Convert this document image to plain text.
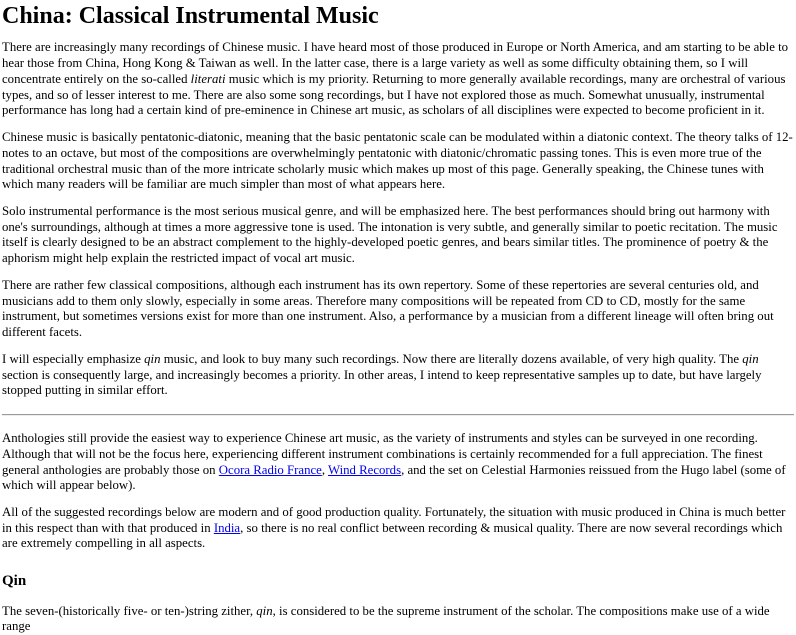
China: Classical Instrumental Music

There are increasingly many recordings of Chinese music. I have heard most of those produced in Europe or North America, and am starting to be able to hear those from China, Hong Kong & Taiwan as well. In the latter case, there is a large variety as well as some difficulty obtaining them, so I will concentrate entirely on the so-called literati music which is my priority. Returning to more generally available recordings, many are orchestral of various types, and so of lesser interest to me. There are also some song recordings, but I have not explored those as much. Somewhat unusually, instrumental performance has long had a certain kind of pre-eminence in Chinese art music, as scholars of all disciplines were expected to become proficient in it.

Chinese music is basically pentatonic-diatonic, meaning that the basic pentatonic scale can be modulated within a diatonic context. The theory talks of 12-notes to an octave, but most of the compositions are overwhelmingly pentatonic with diatonic/chromatic passing tones. This is even more true of the traditional orchestral music than of the more intricate scholarly music which makes up most of this page. Generally speaking, the Chinese tunes with which many readers will be familiar are much simpler than most of what appears here.

Solo instrumental performance is the most serious musical genre, and will be emphasized here. The best performances should bring out harmony with one's surroundings, although at times a more aggressive tone is used. The intonation is very subtle, and generally similar to poetic recitation. The music itself is clearly designed to be an abstract complement to the highly-developed poetic genres, and bears similar titles. The prominence of poetry & the aphorism might help explain the restricted impact of vocal art music.

There are rather few classical compositions, although each instrument has its own repertory. Some of these repertories are several centuries old, and musicians add to them only slowly, especially in some areas. Therefore many compositions will be repeated from CD to CD, mostly for the same instrument, but sometimes versions exist for more than one instrument. Also, a performance by a musician from a different lineage will often bring out different facets.

I will especially emphasize qin music, and look to buy many such recordings. Now there are literally dozens available, of very high quality. The qin section is consequently large, and increasingly becomes a priority. In other areas, I intend to keep representative samples up to date, but have largely stopped putting in similar effort.

Anthologies still provide the easiest way to experience Chinese art music, as the variety of instruments and styles can be surveyed in one recording. Although that will not be the focus here, experiencing different instrument combinations is certainly recommended for a full appreciation. The finest general anthologies are probably those on Ocora Radio France, Wind Records, and the set on Celestial Harmonies reissued from the Hugo label (some of which will appear below).

All of the suggested recordings below are modern and of good production quality. Fortunately, the situation with music produced in China is much better in this respect than with that produced in India, so there is no real conflict between recording & musical quality. There are now several recordings which are extremely compelling in all aspects.

Qin

The seven-(historically five- or ten-)string zither, qin, is considered to be the supreme instrument of the scholar. The compositions make use of a wide range
